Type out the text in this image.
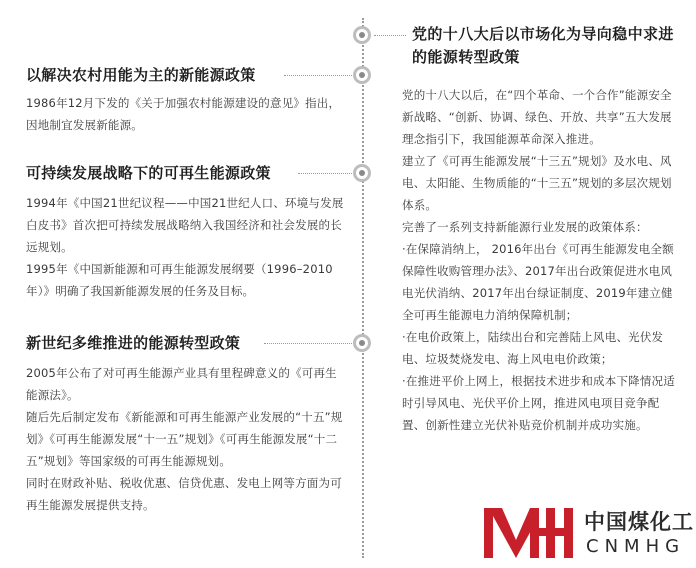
以解决农村用能为主的新能源政策

1986年12月下发的《关于加强农村能源建设的意见》指出，因地制宜发展新能源。

可持续发展战略下的可再生能源政策

1994年《中国21世纪议程——中国21世纪人口、环境与发展白皮书》首次把可持续发展战略纳入我国经济和社会发展的长远规划。

1995年《中国新能源和可再生能源发展纲要（1996–2010年）》明确了我国新能源发展的任务及目标。

新世纪多维推进的能源转型政策

2005年公布了对可再生能源产业具有里程碑意义的《可再生能源法》。

随后先后制定发布《新能源和可再生能源产业发展的“十五”规划》《可再生能源发展“十一五”规划》《可再生能源发展“十二五”规划》等国家级的可再生能源规划。

同时在财政补贴、税收优惠、信贷优惠、发电上网等方面为可再生能源发展提供支持。

党的十八大后以市场化为导向稳中求进的能源转型政策

党的十八大以后，在“四个革命、一个合作”能源安全新战略、“创新、协调、绿色、开放、共享”五大发展理念指引下，我国能源革命深入推进。

建立了《可再生能源发展“十三五”规划》及水电、风电、太阳能、生物质能的“十三五”规划的多层次规划体系。

完善了一系列支持新能源行业发展的政策体系：

·在保障消纳上， 2016年出台《可再生能源发电全额保障性收购管理办法》、2017年出台政策促进水电风电光伏消纳、2017年出台绿证制度、2019年建立健全可再生能源电力消纳保障机制；

·在电价政策上，陆续出台和完善陆上风电、光伏发电、垃圾焚烧发电、海上风电电价政策；

·在推进平价上网上，根据技术进步和成本下降情况适时引导风电、光伏平价上网，推进风电项目竞争配置、创新性建立光伏补贴竞价机制并成功实施。

中国煤化工
CNMHG
